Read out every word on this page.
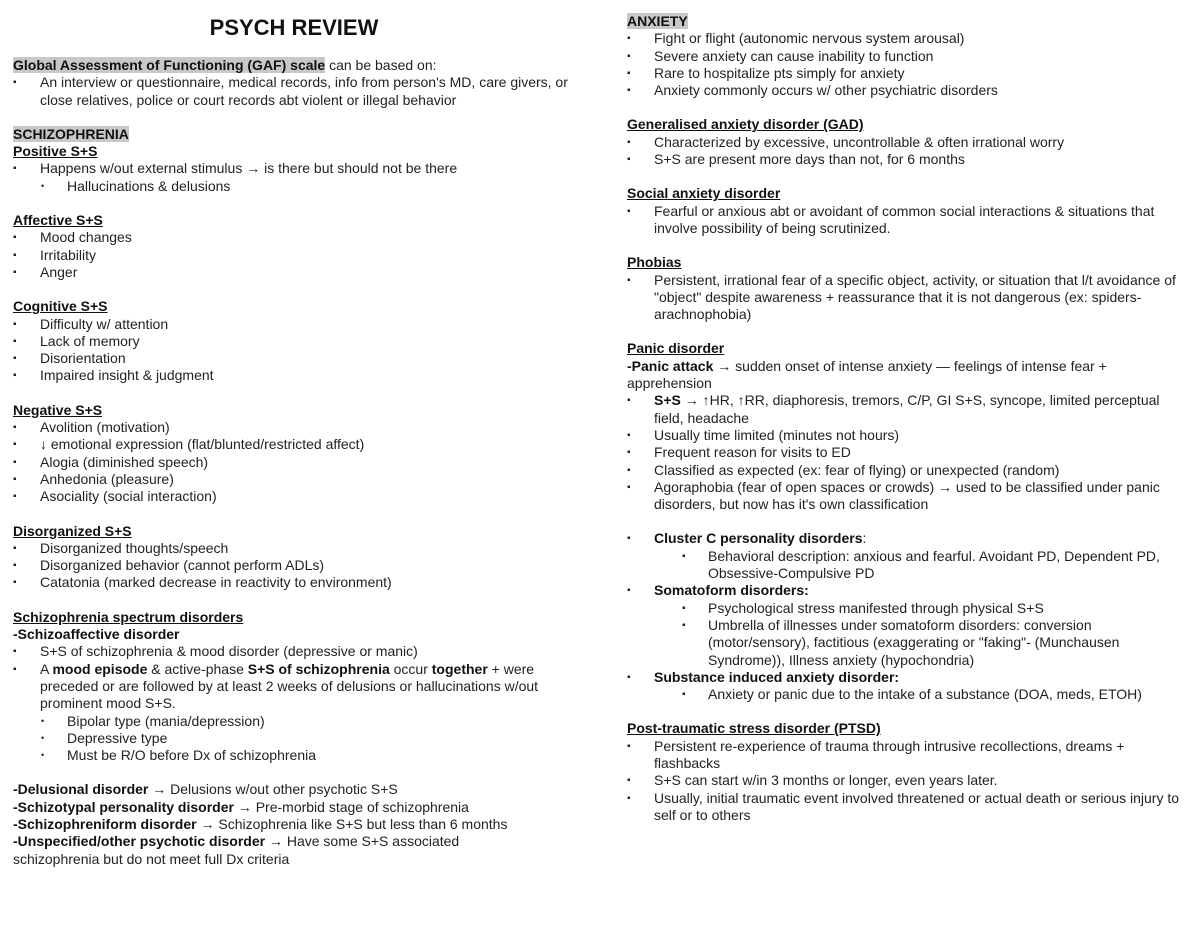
PSYCH REVIEW

Global Assessment of Functioning (GAF) scale can be based on:

▪ An interview or questionnaire, medical records, info from person's MD, care givers, or close relatives, police or court records abt violent or illegal behavior

SCHIZOPHRENIA

Positive S+S

▪ Happens w/out external stimulus → is there but should not be there
• Hallucinations & delusions

Affective S+S

▪ Mood changes
▪ Irritability
▪ Anger

Cognitive S+S

▪ Difficulty w/ attention
▪ Lack of memory
▪ Disorientation
▪ Impaired insight & judgment

Negative S+S

▪ Avolition (motivation)
▪ ↓ emotional expression (flat/blunted/restricted affect)
▪ Alogia (diminished speech)
▪ Anhedonia (pleasure)
▪ Asociality (social interaction)

Disorganized S+S

▪ Disorganized thoughts/speech
▪ Disorganized behavior (cannot perform ADLs)
▪ Catatonia (marked decrease in reactivity to environment)

Schizophrenia spectrum disorders

-Schizoaffective disorder

▪ S+S of schizophrenia & mood disorder (depressive or manic)
▪ A mood episode & active-phase S+S of schizophrenia occur together + were preceded or are followed by at least 2 weeks of delusions or hallucinations w/out prominent mood S+S.
• Bipolar type (mania/depression)
• Depressive type
• Must be R/O before Dx of schizophrenia

-Delusional disorder → Delusions w/out other psychotic S+S

-Schizotypal personality disorder → Pre-morbid stage of schizophrenia

-Schizophreniform disorder → Schizophrenia like S+S but less than 6 months

-Unspecified/other psychotic disorder → Have some S+S associated schizophrenia but do not meet full Dx criteria

ANXIETY

▪ Fight or flight (autonomic nervous system arousal)
▪ Severe anxiety can cause inability to function
▪ Rare to hospitalize pts simply for anxiety
▪ Anxiety commonly occurs w/ other psychiatric disorders

Generalised anxiety disorder (GAD)

▪ Characterized by excessive, uncontrollable & often irrational worry
▪ S+S are present more days than not, for 6 months

Social anxiety disorder

▪ Fearful or anxious abt or avoidant of common social interactions & situations that involve possibility of being scrutinized.

Phobias

▪ Persistent, irrational fear of a specific object, activity, or situation that l/t avoidance of "object" despite awareness + reassurance that it is not dangerous (ex: spiders-arachnophobia)

Panic disorder

-Panic attack → sudden onset of intense anxiety — feelings of intense fear + apprehension

▪ S+S → ↑HR, ↑RR, diaphoresis, tremors, C/P, GI S+S, syncope, limited perceptual field, headache
▪ Usually time limited (minutes not hours)
▪ Frequent reason for visits to ED
▪ Classified as expected (ex: fear of flying) or unexpected (random)
▪ Agoraphobia (fear of open spaces or crowds) → used to be classified under panic disorders, but now has it's own classification
▪ Cluster C personality disorders:
▪ Behavioral description: anxious and fearful. Avoidant PD, Dependent PD, Obsessive-Compulsive PD
▪ Somatoform disorders:
▪ Psychological stress manifested through physical S+S
▪ Umbrella of illnesses under somatoform disorders: conversion (motor/sensory), factitious (exaggerating or "faking"- (Munchausen Syndrome)), Illness anxiety (hypochondria)
▪ Substance induced anxiety disorder:
▪ Anxiety or panic due to the intake of a substance (DOA, meds, ETOH)

Post-traumatic stress disorder (PTSD)

▪ Persistent re-experience of trauma through intrusive recollections, dreams + flashbacks
▪ S+S can start w/in 3 months or longer, even years later.
▪ Usually, initial traumatic event involved threatened or actual death or serious injury to self or to others
